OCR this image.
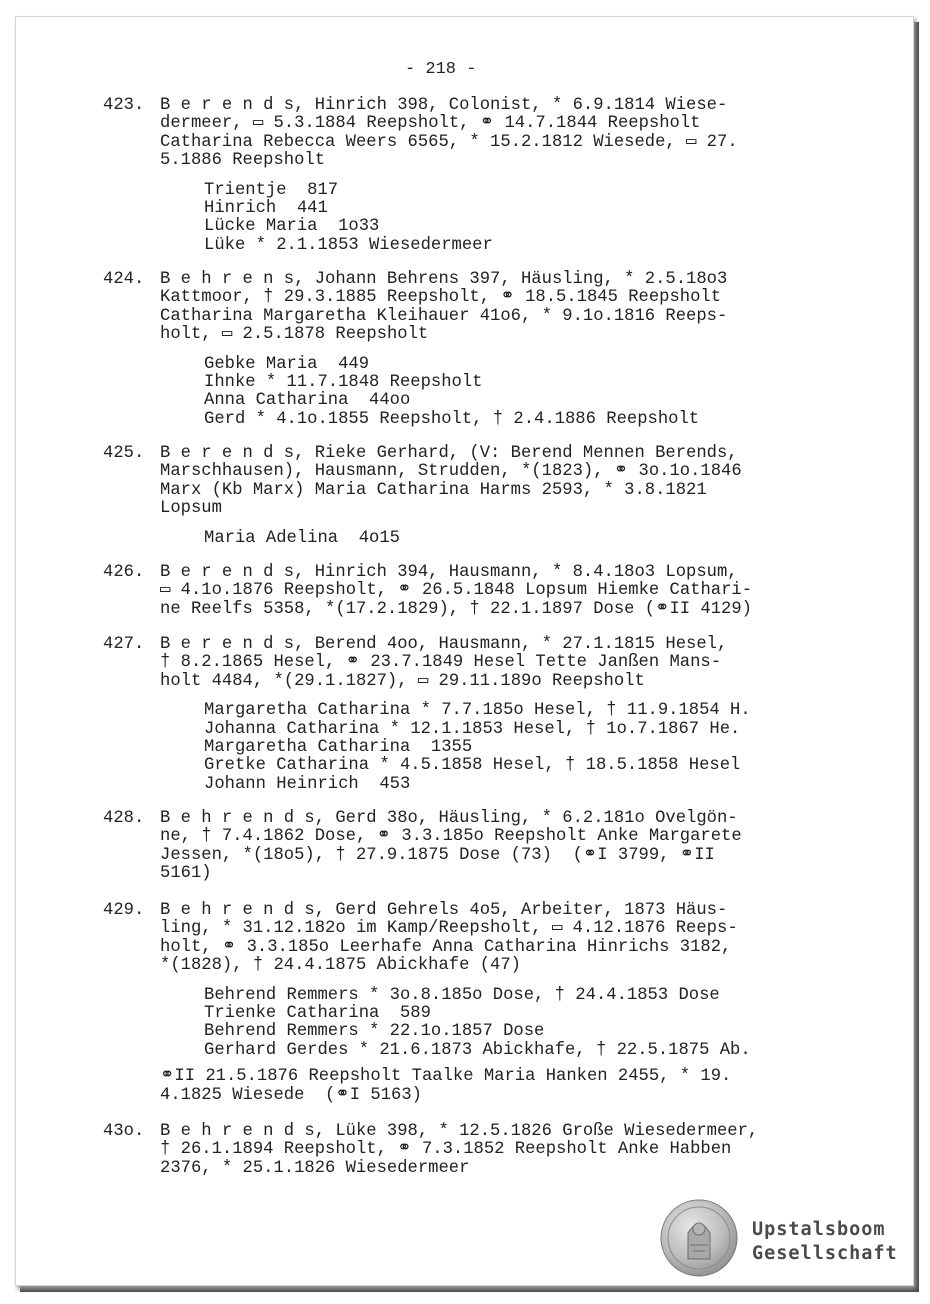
- 218 -
423. B e r e n d s, Hinrich 398, Colonist, * 6.9.1814 Wiese-
dermeer, ▭ 5.3.1884 Reepsholt, ⚭ 14.7.1844 Reepsholt
Catharina Rebecca Weers 6565, * 15.2.1812 Wiesede, ▭ 27.
5.1886 Reepsholt
Trientje  817
Hinrich  441
Lücke Maria  1o33
Lüke * 2.1.1853 Wiesedermeer
424. B e h r e n s, Johann Behrens 397, Häusling, * 2.5.18o3
Kattmoor, † 29.3.1885 Reepsholt, ⚭ 18.5.1845 Reepsholt
Catharina Margaretha Kleihauer 41o6, * 9.1o.1816 Reeps-
holt, ▭ 2.5.1878 Reepsholt
Gebke Maria  449
Ihnke * 11.7.1848 Reepsholt
Anna Catharina  44oo
Gerd * 4.1o.1855 Reepsholt, † 2.4.1886 Reepsholt
425. B e r e n d s, Rieke Gerhard, (V: Berend Mennen Berends,
Marschhausen), Hausmann, Strudden, *(1823), ⚭ 3o.1o.1846
Marx (Kb Marx) Maria Catharina Harms 2593, * 3.8.1821
Lopsum
Maria Adelina  4o15
426. B e r e n d s, Hinrich 394, Hausmann, * 8.4.18o3 Lopsum,
▭ 4.1o.1876 Reepsholt, ⚭ 26.5.1848 Lopsum Hiemke Cathari-
ne Reelfs 5358, *(17.2.1829), † 22.1.1897 Dose (⚭II 4129)
427. B e r e n d s, Berend 4oo, Hausmann, * 27.1.1815 Hesel,
† 8.2.1865 Hesel, ⚭ 23.7.1849 Hesel Tette Janßen Mans-
holt 4484, *(29.1.1827), ▭ 29.11.189o Reepsholt
Margaretha Catharina * 7.7.185o Hesel, † 11.9.1854 H.
Johanna Catharina * 12.1.1853 Hesel, † 1o.7.1867 He.
Margaretha Catharina  1355
Gretke Catharina * 4.5.1858 Hesel, † 18.5.1858 Hesel
Johann Heinrich  453
428. B e h r e n d s, Gerd 38o, Häusling, * 6.2.181o Ovelgön-
ne, † 7.4.1862 Dose, ⚭ 3.3.185o Reepsholt Anke Margarete
Jessen, *(18o5), † 27.9.1875 Dose (73)  (⚭I 3799, ⚭II
5161)
429. B e h r e n d s, Gerd Gehrels 4o5, Arbeiter, 1873 Häus-
ling, * 31.12.182o im Kamp/Reepsholt, ▭ 4.12.1876 Reeps-
holt, ⚭ 3.3.185o Leerhafe Anna Catharina Hinrichs 3182,
*(1828), † 24.4.1875 Abickhafe (47)
Behrend Remmers * 3o.8.185o Dose, † 24.4.1853 Dose
Trienke Catharina  589
Behrend Remmers * 22.1o.1857 Dose
Gerhard Gerdes * 21.6.1873 Abickhafe, † 22.5.1875 Ab.
⚭II 21.5.1876 Reepsholt Taalke Maria Hanken 2455, * 19.
4.1825 Wiesede  (⚭I 5163)
43o. B e h r e n d s, Lüke 398, * 12.5.1826 Große Wiesedermeer,
† 26.1.1894 Reepsholt, ⚭ 7.3.1852 Reepsholt Anke Habben
2376, * 25.1.1826 Wiesedermeer
Upstalsboom
Gesellschaft
